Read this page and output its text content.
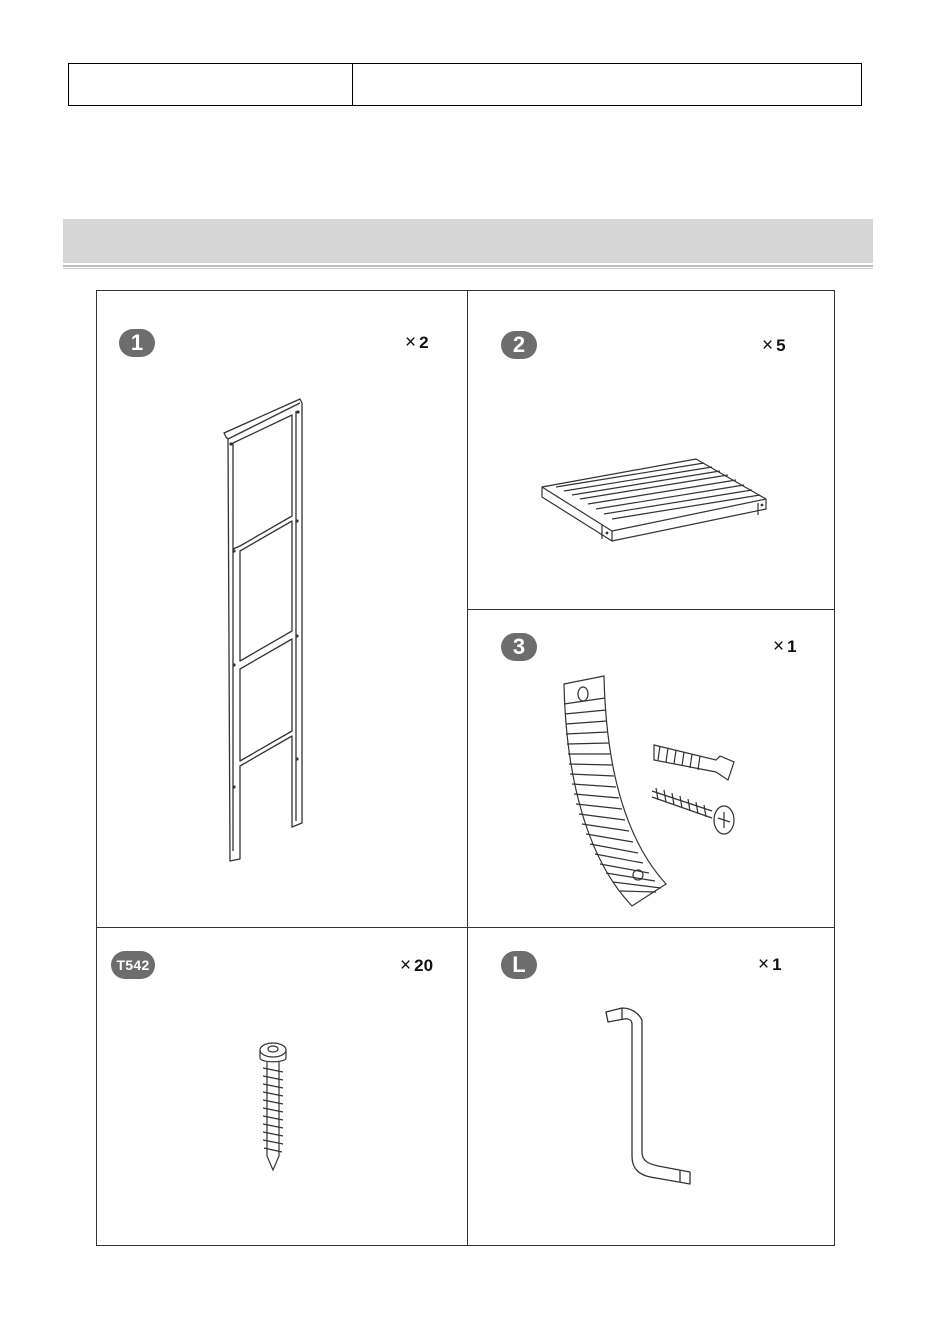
1	× 2	2	× 5
3	× 1
T542	× 20	L	× 1
